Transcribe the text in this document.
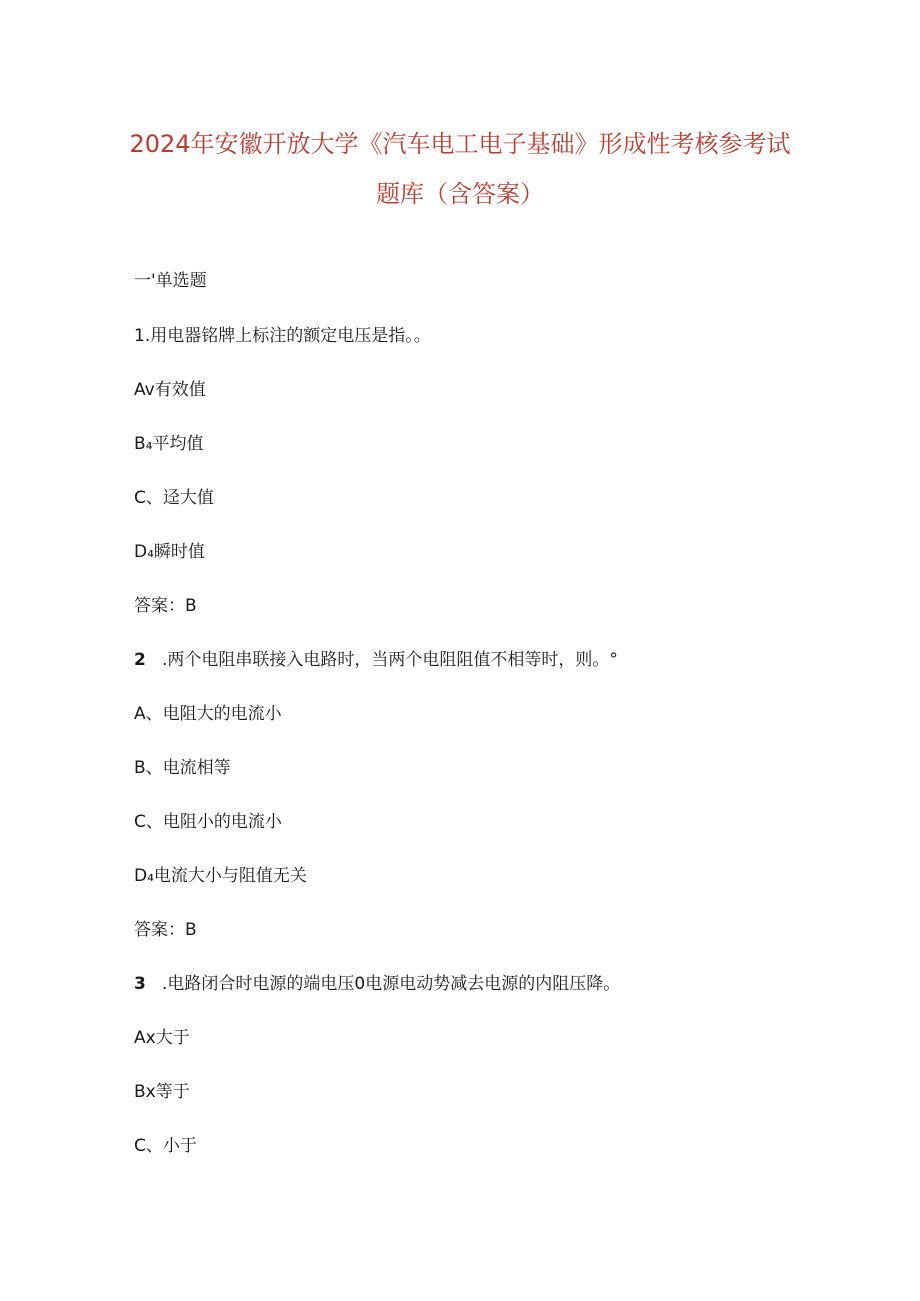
2024年安徽开放大学《汽车电工电子基础》形成性考核参考试
题库（含答案）
一'单选题
1.用电器铭牌上标注的额定电压是指。。
Av有效值
B₄平均值
C、迳大值
D₄瞬时值
答案：B
2 .两个电阻串联接入电路时，当两个电阻阻值不相等时，则。°
A、电阻大的电流小
B、电流相等
C、电阻小的电流小
D₄电流大小与阻值无关
答案：B
3 .电路闭合时电源的端电压0电源电动势减去电源的内阻压降。
Ax大于
Bx等于
C、小于
